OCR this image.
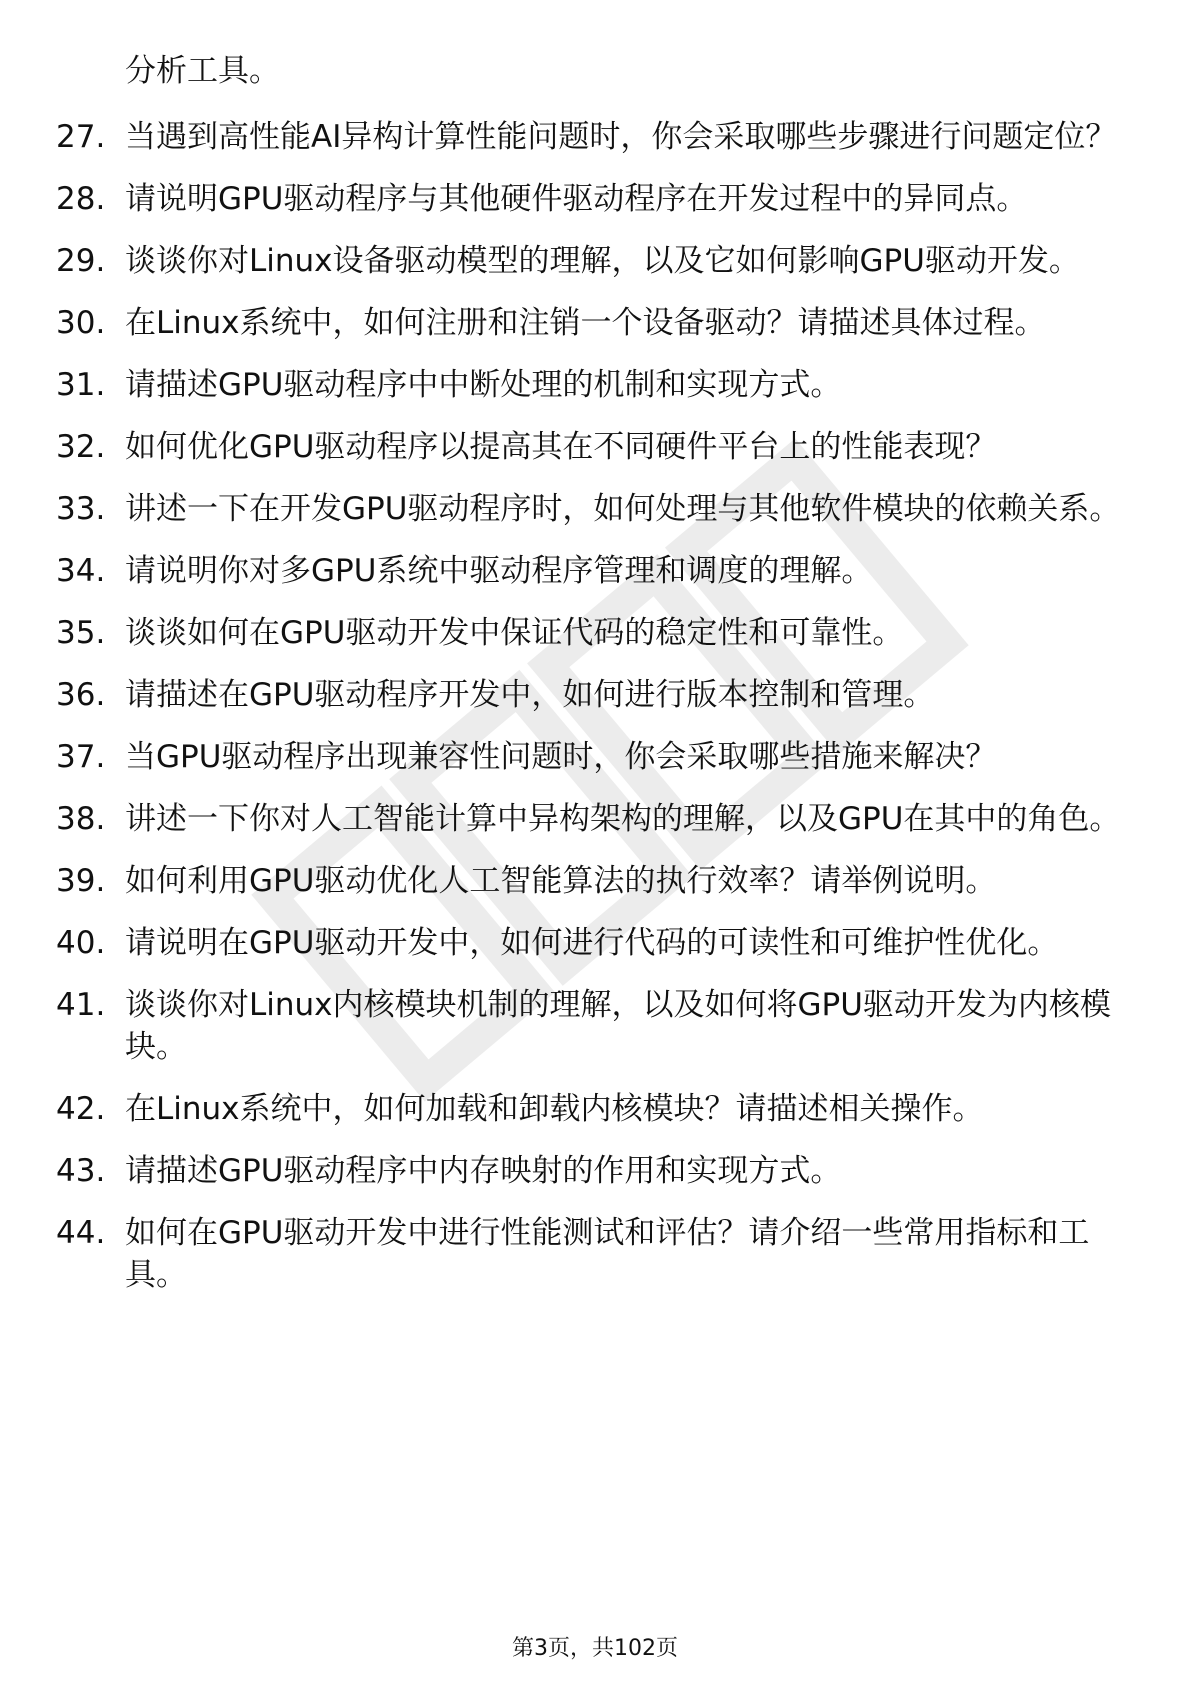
分析工具。
27. 当遇到高性能AI异构计算性能问题时，你会采取哪些步骤进行问题定位？
28. 请说明GPU驱动程序与其他硬件驱动程序在开发过程中的异同点。
29. 谈谈你对Linux设备驱动模型的理解，以及它如何影响GPU驱动开发。
30. 在Linux系统中，如何注册和注销一个设备驱动？请描述具体过程。
31. 请描述GPU驱动程序中中断处理的机制和实现方式。
32. 如何优化GPU驱动程序以提高其在不同硬件平台上的性能表现？
33. 讲述一下在开发GPU驱动程序时，如何处理与其他软件模块的依赖关系。
34. 请说明你对多GPU系统中驱动程序管理和调度的理解。
35. 谈谈如何在GPU驱动开发中保证代码的稳定性和可靠性。
36. 请描述在GPU驱动程序开发中，如何进行版本控制和管理。
37. 当GPU驱动程序出现兼容性问题时，你会采取哪些措施来解决？
38. 讲述一下你对人工智能计算中异构架构的理解，以及GPU在其中的角色。
39. 如何利用GPU驱动优化人工智能算法的执行效率？请举例说明。
40. 请说明在GPU驱动开发中，如何进行代码的可读性和可维护性优化。
41. 谈谈你对Linux内核模块机制的理解，以及如何将GPU驱动开发为内核模块。
42. 在Linux系统中，如何加载和卸载内核模块？请描述相关操作。
43. 请描述GPU驱动程序中内存映射的作用和实现方式。
44. 如何在GPU驱动开发中进行性能测试和评估？请介绍一些常用指标和工具。
第3页，共102页
